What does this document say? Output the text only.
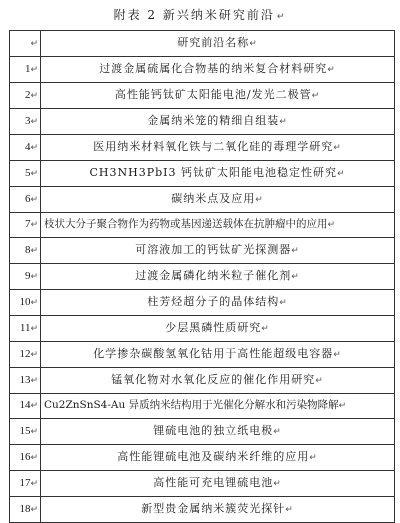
附表 2 新兴纳米研究前沿↵
↵	研究前沿名称↵
1↵	过渡金属硫属化合物基的纳米复合材料研究↵
2↵	高性能钙钛矿太阳能电池/发光二极管↵
3↵	金属纳米笼的精细自组装↵
4↵	医用纳米材料氧化铁与二氧化硅的毒理学研究↵
5↵	CH3NH3PbI3 钙钛矿太阳能电池稳定性研究↵
6↵	碳纳米点及应用↵
7↵	枝状大分子聚合物作为药物或基因递送载体在抗肿瘤中的应用↵
8↵	可溶液加工的钙钛矿光探测器↵
9↵	过渡金属磷化纳米粒子催化剂↵
10↵	柱芳烃超分子的晶体结构↵
11↵	少层黑磷性质研究↵
12↵	化学掺杂碳酸氢氧化钴用于高性能超级电容器↵
13↵	锰氧化物对水氧化反应的催化作用研究↵
14↵	Cu2ZnSnS4-Au 异质纳米结构用于光催化分解水和污染物降解↵
15↵	锂硫电池的独立纸电极↵
16↵	高性能锂硫电池及碳纳米纤维的应用↵
17↵	高性能可充电锂硫电池↵
18↵	新型贵金属纳米簇荧光探针↵
